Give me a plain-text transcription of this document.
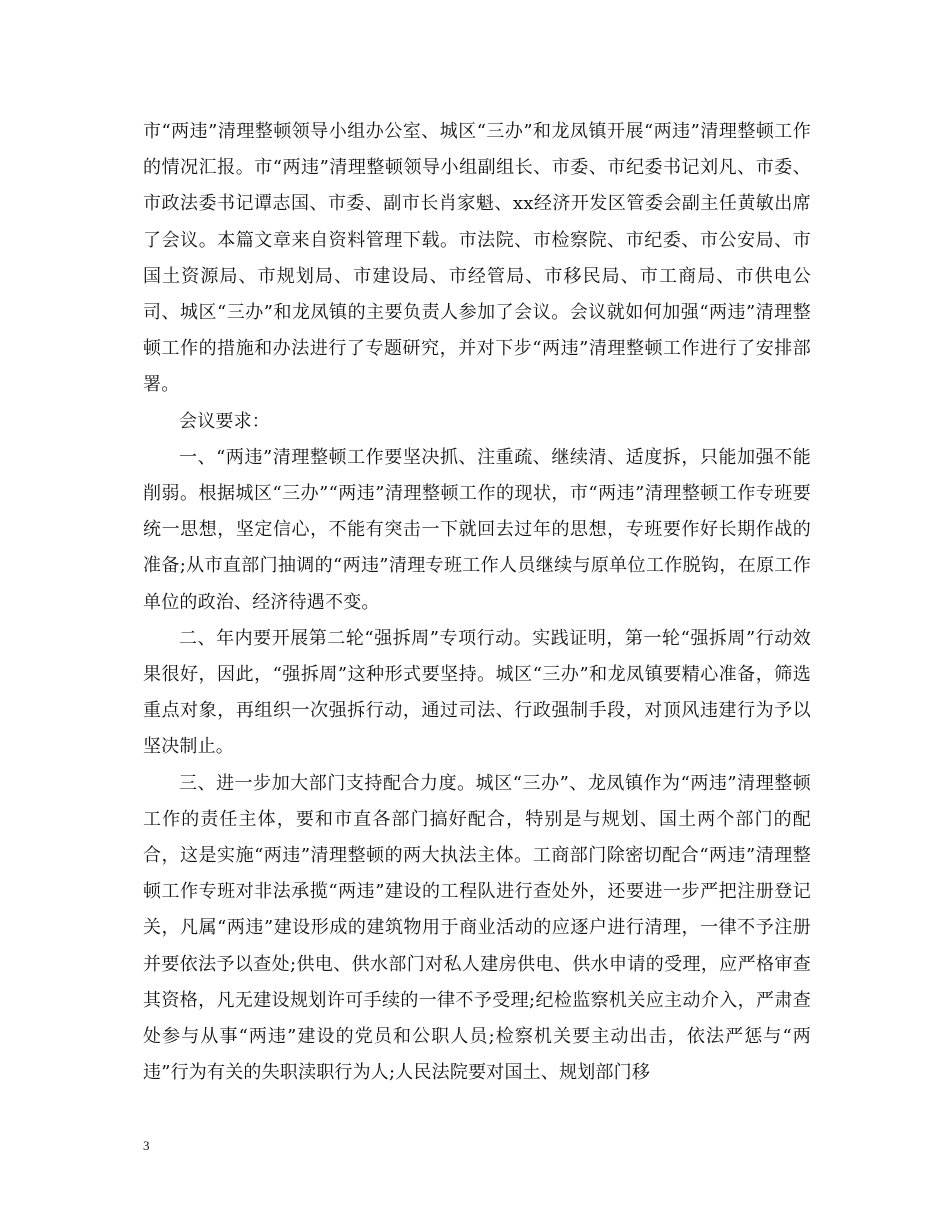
市“两违”清理整顿领导小组办公室、城区“三办”和龙凤镇开展“两违”清理整顿工作的情况汇报。市“两违”清理整顿领导小组副组长、市委、市纪委书记刘凡、市委、市政法委书记谭志国、市委、副市长肖家魁、xx经济开发区管委会副主任黄敏出席了会议。本篇文章来自资料管理下载。市法院、市检察院、市纪委、市公安局、市国土资源局、市规划局、市建设局、市经管局、市移民局、市工商局、市供电公司、城区“三办”和龙凤镇的主要负责人参加了会议。会议就如何加强“两违”清理整顿工作的措施和办法进行了专题研究，并对下步“两违”清理整顿工作进行了安排部署。

会议要求：

一、“两违”清理整顿工作要坚决抓、注重疏、继续清、适度拆，只能加强不能削弱。根据城区“三办”“两违”清理整顿工作的现状，市“两违”清理整顿工作专班要统一思想，坚定信心，不能有突击一下就回去过年的思想，专班要作好长期作战的准备;从市直部门抽调的“两违”清理专班工作人员继续与原单位工作脱钩，在原工作单位的政治、经济待遇不变。

二、年内要开展第二轮“强拆周”专项行动。实践证明，第一轮“强拆周”行动效果很好，因此，“强拆周”这种形式要坚持。城区“三办”和龙凤镇要精心准备，筛选重点对象，再组织一次强拆行动，通过司法、行政强制手段，对顶风违建行为予以坚决制止。

三、进一步加大部门支持配合力度。城区“三办”、龙凤镇作为“两违”清理整顿工作的责任主体，要和市直各部门搞好配合，特别是与规划、国土两个部门的配合，这是实施“两违”清理整顿的两大执法主体。工商部门除密切配合“两违”清理整顿工作专班对非法承揽“两违”建设的工程队进行查处外，还要进一步严把注册登记关，凡属“两违”建设形成的建筑物用于商业活动的应逐户进行清理，一律不予注册并要依法予以查处;供电、供水部门对私人建房供电、供水申请的受理，应严格审查其资格，凡无建设规划许可手续的一律不予受理;纪检监察机关应主动介入，严肃查处参与从事“两违”建设的党员和公职人员;检察机关要主动出击，依法严惩与“两违”行为有关的失职渎职行为人;人民法院要对国土、规划部门移

3
